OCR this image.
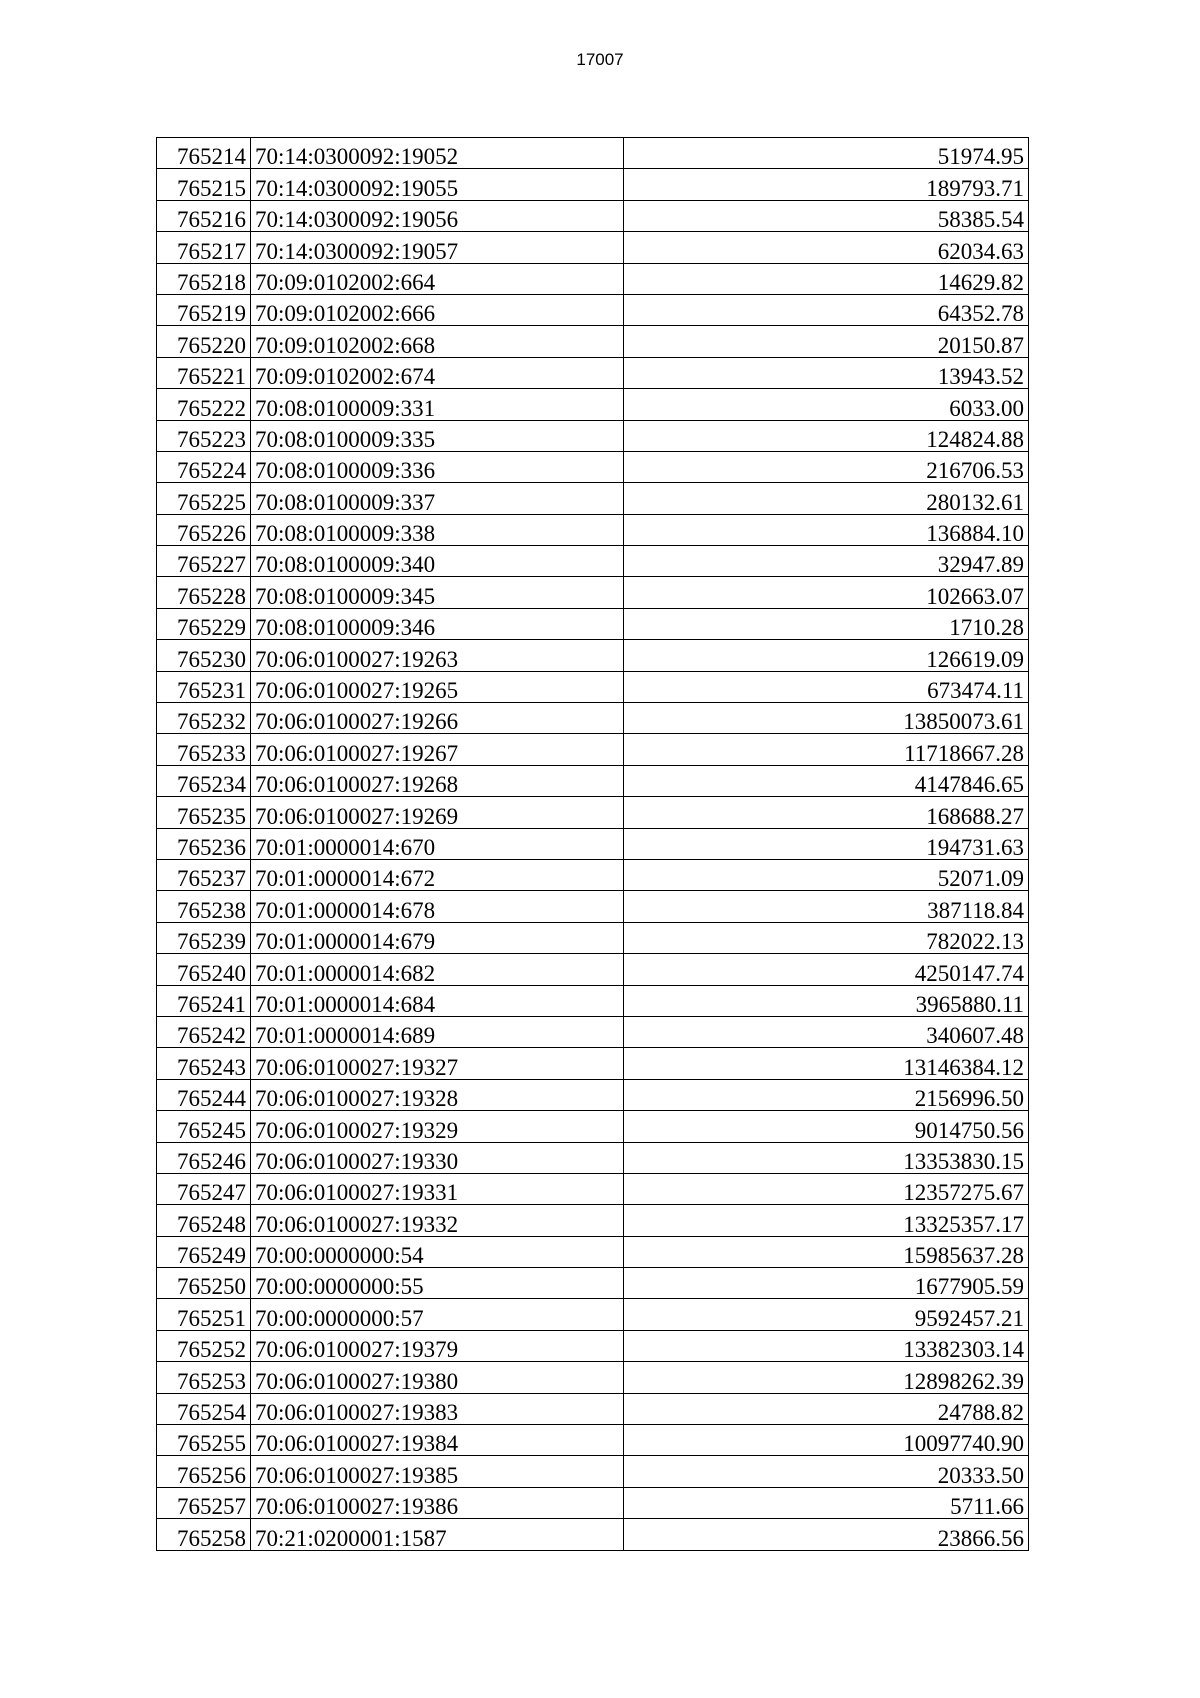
17007
765214	70:14:0300092:19052	51974.95
765215	70:14:0300092:19055	189793.71
765216	70:14:0300092:19056	58385.54
765217	70:14:0300092:19057	62034.63
765218	70:09:0102002:664	14629.82
765219	70:09:0102002:666	64352.78
765220	70:09:0102002:668	20150.87
765221	70:09:0102002:674	13943.52
765222	70:08:0100009:331	6033.00
765223	70:08:0100009:335	124824.88
765224	70:08:0100009:336	216706.53
765225	70:08:0100009:337	280132.61
765226	70:08:0100009:338	136884.10
765227	70:08:0100009:340	32947.89
765228	70:08:0100009:345	102663.07
765229	70:08:0100009:346	1710.28
765230	70:06:0100027:19263	126619.09
765231	70:06:0100027:19265	673474.11
765232	70:06:0100027:19266	13850073.61
765233	70:06:0100027:19267	11718667.28
765234	70:06:0100027:19268	4147846.65
765235	70:06:0100027:19269	168688.27
765236	70:01:0000014:670	194731.63
765237	70:01:0000014:672	52071.09
765238	70:01:0000014:678	387118.84
765239	70:01:0000014:679	782022.13
765240	70:01:0000014:682	4250147.74
765241	70:01:0000014:684	3965880.11
765242	70:01:0000014:689	340607.48
765243	70:06:0100027:19327	13146384.12
765244	70:06:0100027:19328	2156996.50
765245	70:06:0100027:19329	9014750.56
765246	70:06:0100027:19330	13353830.15
765247	70:06:0100027:19331	12357275.67
765248	70:06:0100027:19332	13325357.17
765249	70:00:0000000:54	15985637.28
765250	70:00:0000000:55	1677905.59
765251	70:00:0000000:57	9592457.21
765252	70:06:0100027:19379	13382303.14
765253	70:06:0100027:19380	12898262.39
765254	70:06:0100027:19383	24788.82
765255	70:06:0100027:19384	10097740.90
765256	70:06:0100027:19385	20333.50
765257	70:06:0100027:19386	5711.66
765258	70:21:0200001:1587	23866.56
